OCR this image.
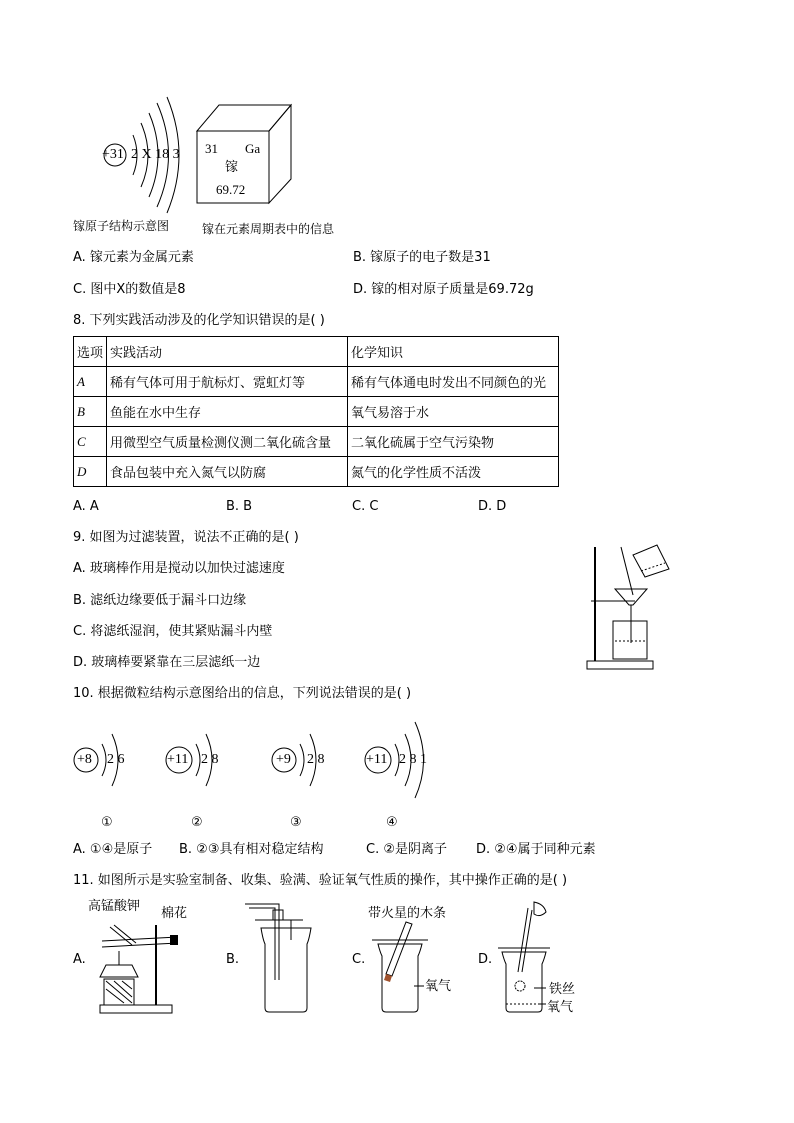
+31 2 X 18 3
镓原子结构示意图
31 Ga
镓
69.72
镓在元素周期表中的信息
A. 镓元素为金属元素	B. 镓原子的电子数是31
C. 图中X的数值是8	D. 镓的相对原子质量是69.72g
8. 下列实践活动涉及的化学知识错误的是( )
选项	实践活动	化学知识
A	稀有气体可用于航标灯、霓虹灯等	稀有气体通电时发出不同颜色的光
B	鱼能在水中生存	氧气易溶于水
C	用微型空气质量检测仪测二氧化硫含量	二氧化硫属于空气污染物
D	食品包装中充入氮气以防腐	氮气的化学性质不活泼
A. A	B. B	C. C	D. D
9. 如图为过滤装置，说法不正确的是( )
A. 玻璃棒作用是搅动以加快过滤速度
B. 滤纸边缘要低于漏斗口边缘
C. 将滤纸湿润，使其紧贴漏斗内壁
D. 玻璃棒要紧靠在三层滤纸一边
10. 根据微粒结构示意图给出的信息，下列说法错误的是( )
+8 2 6	+11 2 8	+9 2 8	+11 2 8 1
①	②	③	④
A. ①④是原子 B. ②③具有相对稳定结构	C. ②是阴离子 D. ②④属于同种元素
11. 如图所示是实验室制备、收集、验满、验证氧气性质的操作，其中操作正确的是( )
A.
高锰酸钾 棉花
B.	C.
带火星的木条
氧气
D.
铁丝
氧气
